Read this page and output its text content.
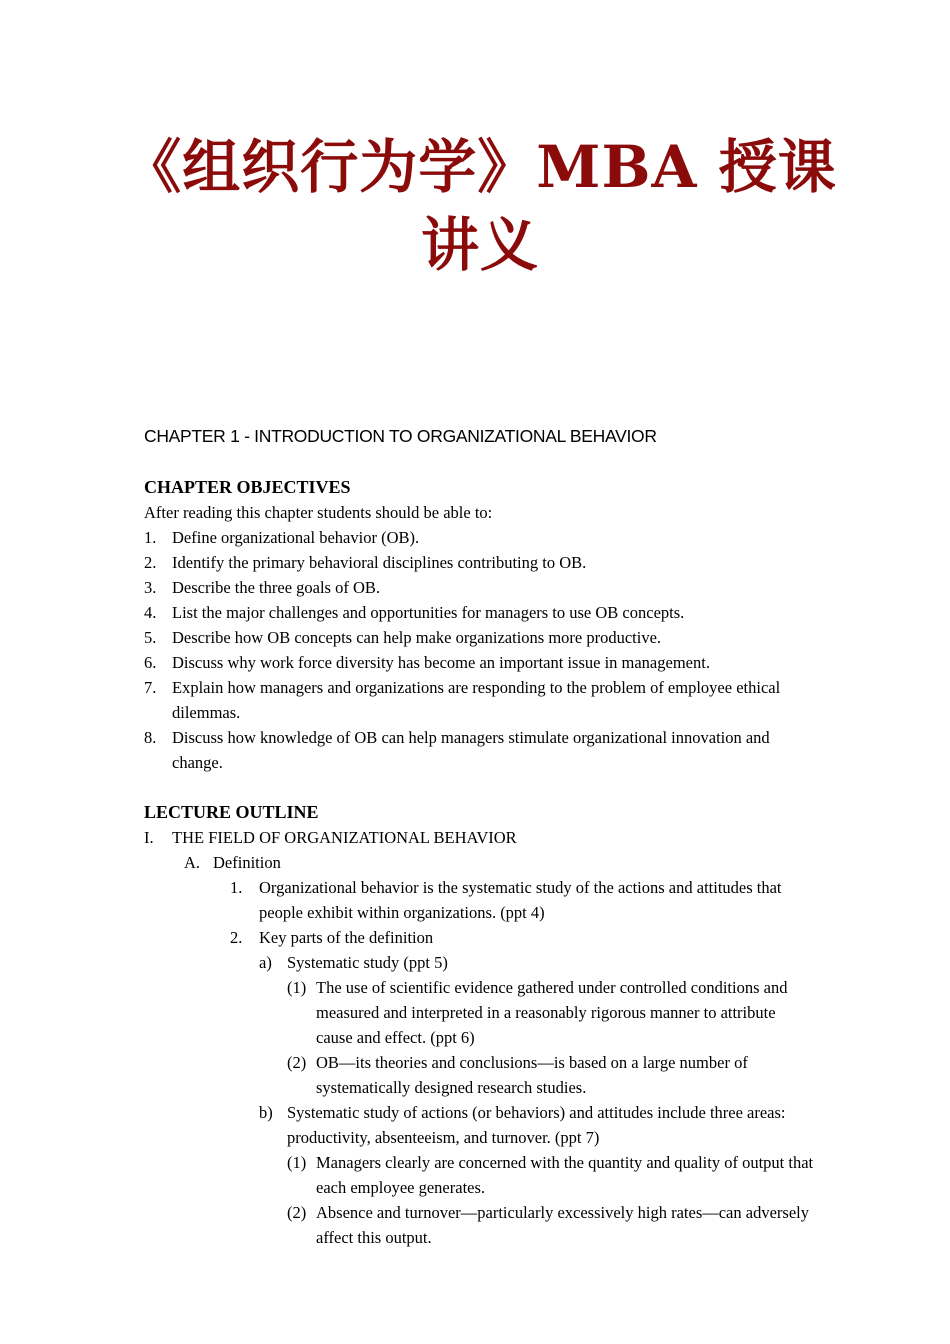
《组织行为学》MBA 授课
讲义
CHAPTER 1 - INTRODUCTION TO ORGANIZATIONAL BEHAVIOR
CHAPTER OBJECTIVES
After reading this chapter students should be able to:
1. Define organizational behavior (OB).
2. Identify the primary behavioral disciplines contributing to OB.
3. Describe the three goals of OB.
4. List the major challenges and opportunities for managers to use OB concepts.
5. Describe how OB concepts can help make organizations more productive.
6. Discuss why work force diversity has become an important issue in management.
7. Explain how managers and organizations are responding to the problem of employee ethical
dilemmas.
8. Discuss how knowledge of OB can help managers stimulate organizational innovation and
change.
LECTURE OUTLINE
I. THE FIELD OF ORGANIZATIONAL BEHAVIOR
A. Definition
1. Organizational behavior is the systematic study of the actions and attitudes that
people exhibit within organizations. (ppt 4)
2. Key parts of the definition
a) Systematic study (ppt 5)
(1) The use of scientific evidence gathered under controlled conditions and
measured and interpreted in a reasonably rigorous manner to attribute
cause and effect. (ppt 6)
(2) OB—its theories and conclusions—is based on a large number of
systematically designed research studies.
b) Systematic study of actions (or behaviors) and attitudes include three areas:
productivity, absenteeism, and turnover. (ppt 7)
(1) Managers clearly are concerned with the quantity and quality of output that
each employee generates.
(2) Absence and turnover—particularly excessively high rates—can adversely
affect this output.
